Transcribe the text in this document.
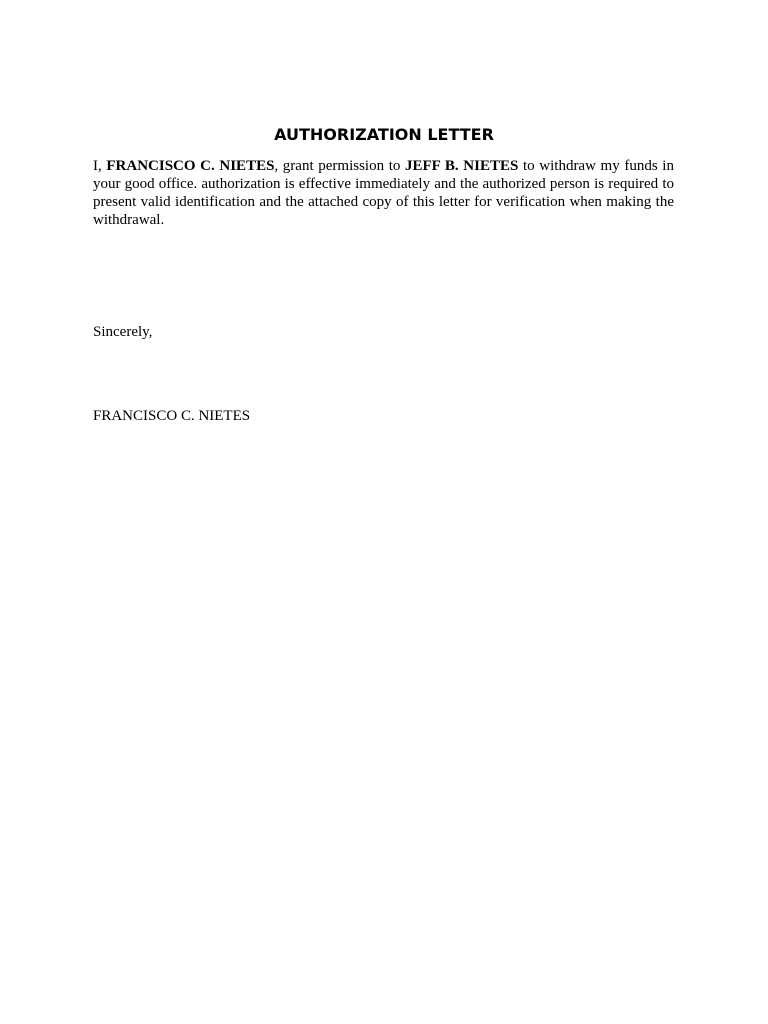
AUTHORIZATION LETTER

I, FRANCISCO C. NIETES, grant permission to JEFF B. NIETES to withdraw my funds in your good office. authorization is effective immediately and the authorized person is required to present valid identification and the attached copy of this letter for verification when making the withdrawal.

Sincerely,

FRANCISCO C. NIETES
